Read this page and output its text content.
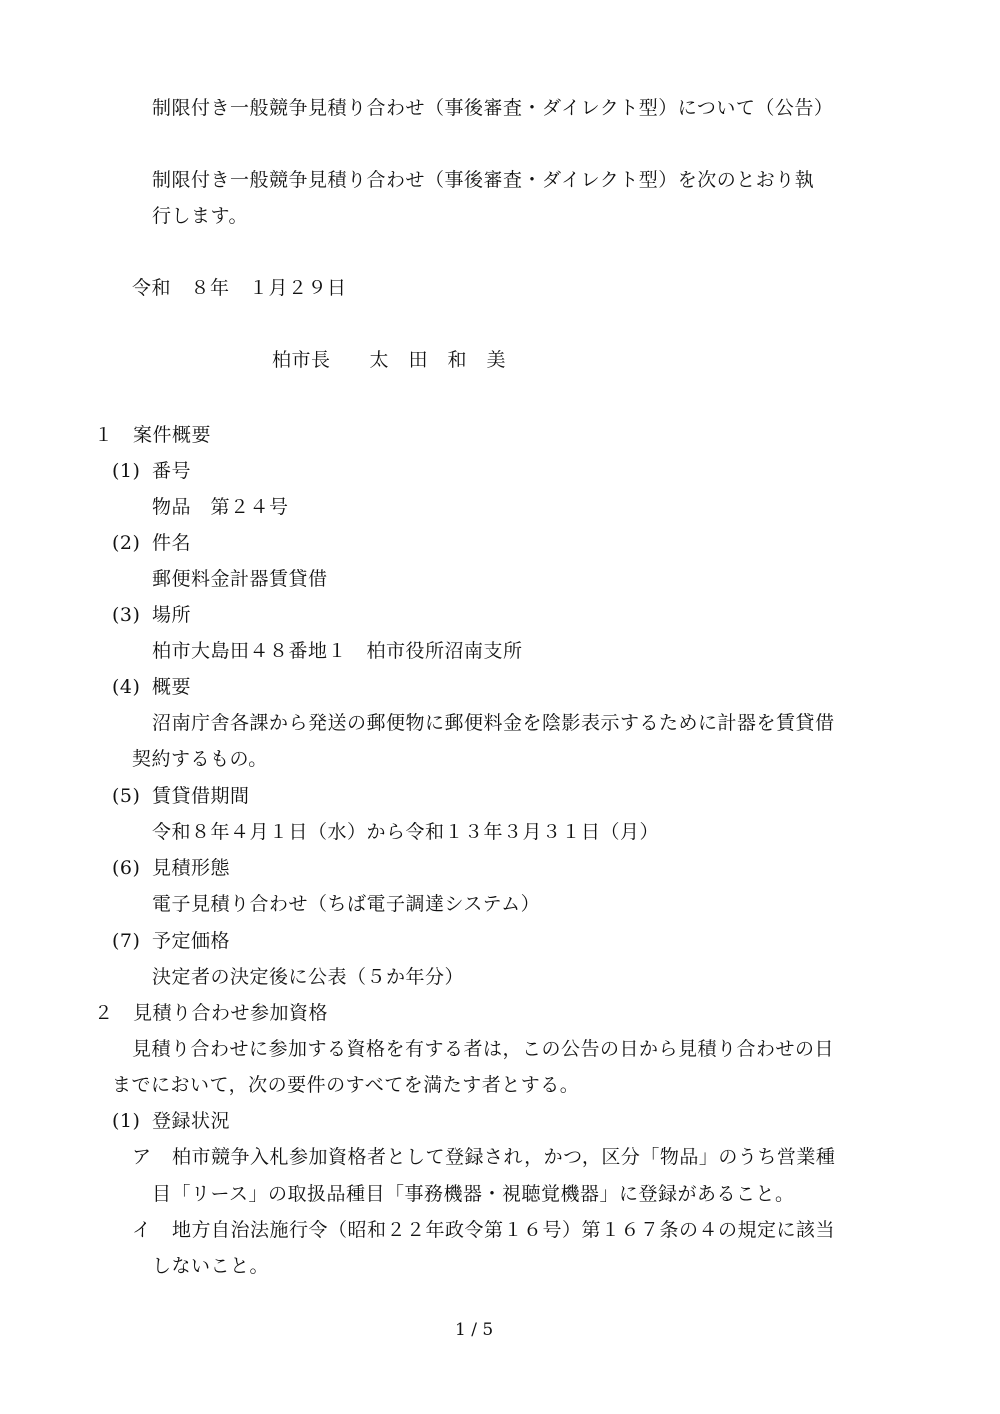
制限付き一般競争見積り合わせ（事後審査・ダイレクト型）について（公告）
制限付き一般競争見積り合わせ（事後審査・ダイレクト型）を次のとおり執
行します。
令和　８年　１月２９日
柏市長　　太　田　和　美
１　案件概要
(1) 番号
物品　第２４号
(2) 件名
郵便料金計器賃貸借
(3) 場所
柏市大島田４８番地１　柏市役所沼南支所
(4) 概要
沼南庁舎各課から発送の郵便物に郵便料金を陰影表示するために計器を賃貸借
契約するもの。
(5) 賃貸借期間
令和８年４月１日（水）から令和１３年３月３１日（月）
(6) 見積形態
電子見積り合わせ（ちば電子調達システム）
(7) 予定価格
決定者の決定後に公表（５か年分）
２　見積り合わせ参加資格
見積り合わせに参加する資格を有する者は，この公告の日から見積り合わせの日
までにおいて，次の要件のすべてを満たす者とする。
(1) 登録状況
ア 柏市競争入札参加資格者として登録され，かつ，区分「物品」のうち営業種
目「リース」の取扱品種目「事務機器・視聴覚機器」に登録があること。
イ 地方自治法施行令（昭和２２年政令第１６号）第１６７条の４の規定に該当
しないこと。
1 / 5
